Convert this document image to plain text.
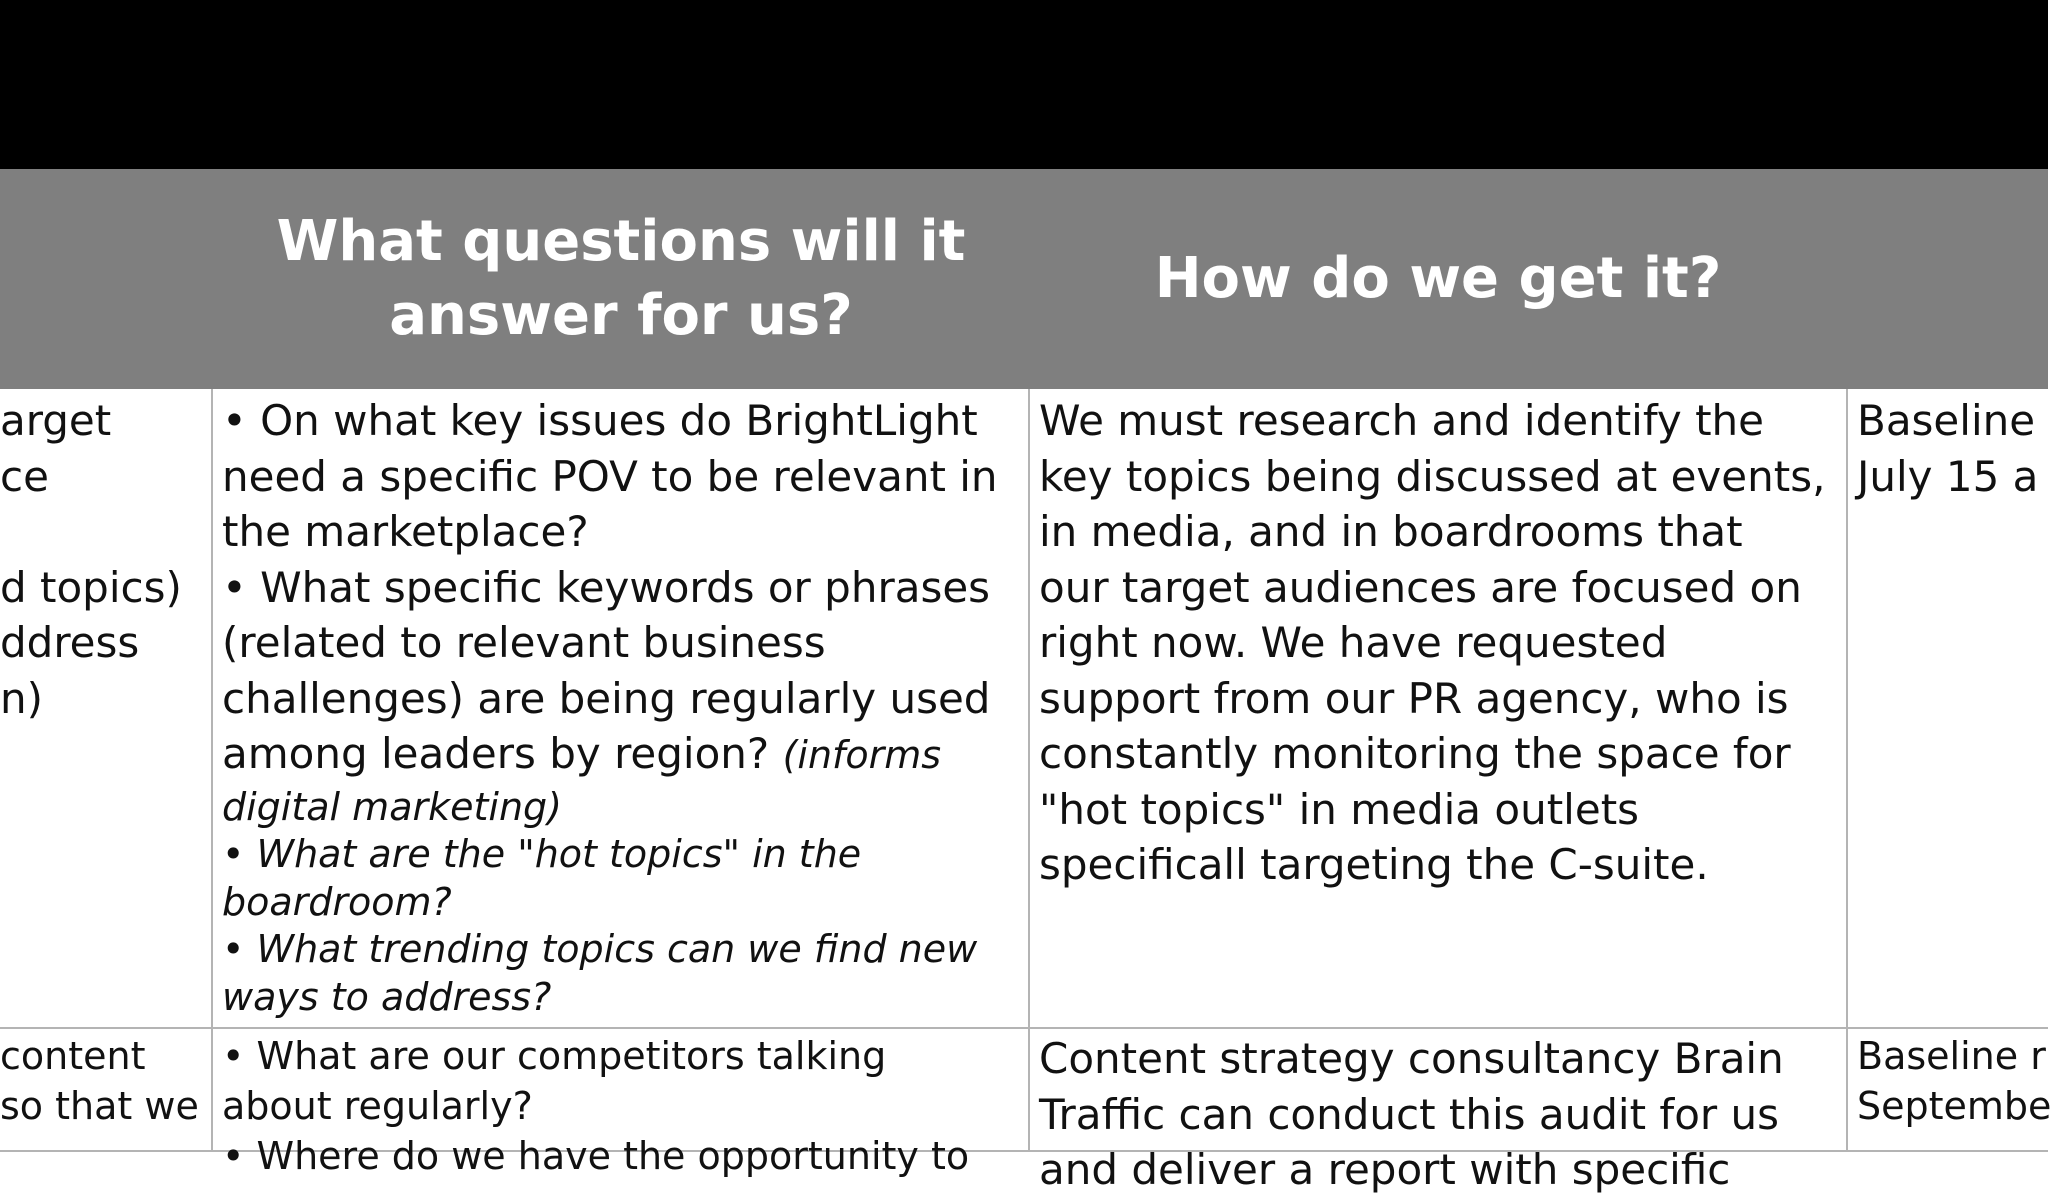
What questions will it answer for us?
How do we get it?
arget
ce

d topics)
ddress
n)
• On what key issues do BrightLight
need a specific POV to be relevant in
the marketplace?
• What specific keywords or phrases
(related to relevant business
challenges) are being regularly used
among leaders by region? (informs
digital marketing)
• What are the "hot topics" in the
boardroom?
• What trending topics can we find new
ways to address?
We must research and identify the
key topics being discussed at events,
in media, and in boardrooms that
our target audiences are focused on
right now. We have requested
support from our PR agency, who is
constantly monitoring the space for
"hot topics" in media outlets
specificall targeting the C-suite.
Baseline
July 15 a
content
so that we
• What are our competitors talking
about regularly?
• Where do we have the opportunity to
Content strategy consultancy Brain
Traffic can conduct this audit for us
and deliver a report with specific
Baseline r
Septembe
